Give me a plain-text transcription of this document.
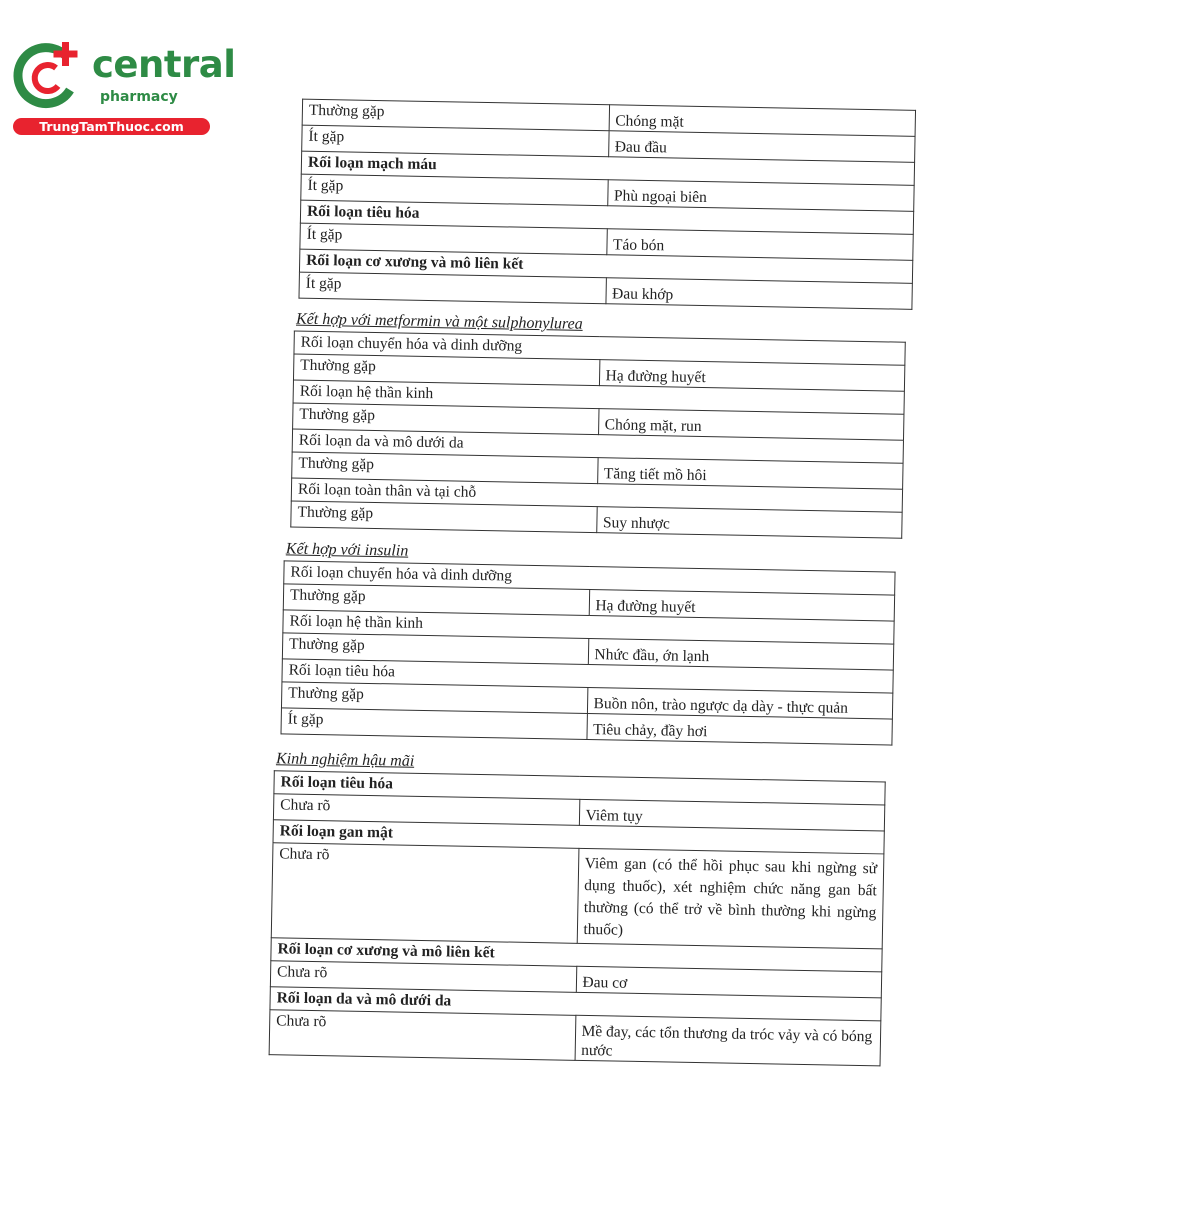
central
pharmacy
TrungTamThuoc.com
Thường gặp	Chóng mặt
Ít gặp	Đau đầu
Rối loạn mạch máu	
Ít gặp	Phù ngoại biên
Rối loạn tiêu hóa	
Ít gặp	Táo bón
Rối loạn cơ xương và mô liên kết	
Ít gặp	Đau khớp
Kết hợp với metformin và một sulphonylurea
Rối loạn chuyển hóa và dinh dưỡng	
Thường gặp	Hạ đường huyết
Rối loạn hệ thần kinh	
Thường gặp	Chóng mặt, run
Rối loạn da và mô dưới da	
Thường gặp	Tăng tiết mồ hôi
Rối loạn toàn thân và tại chỗ	
Thường gặp	Suy nhược
Kết hợp với insulin
Rối loạn chuyển hóa và dinh dưỡng	
Thường gặp	Hạ đường huyết
Rối loạn hệ thần kinh	
Thường gặp	Nhức đầu, ớn lạnh
Rối loạn tiêu hóa	
Thường gặp	Buồn nôn, trào ngược dạ dày - thực quản
Ít gặp	Tiêu chảy, đầy hơi
Kinh nghiệm hậu mãi
Rối loạn tiêu hóa	
Chưa rõ	Viêm tụy
Rối loạn gan mật	
Chưa rõ	Viêm gan (có thể hồi phục sau khi ngừng sử dụng thuốc), xét nghiệm chức năng gan bất thường (có thể trở về bình thường khi ngừng thuốc)
Rối loạn cơ xương và mô liên kết	
Chưa rõ	Đau cơ
Rối loạn da và mô dưới da	
Chưa rõ	Mề đay, các tổn thương da tróc vảy và có bóng nước
